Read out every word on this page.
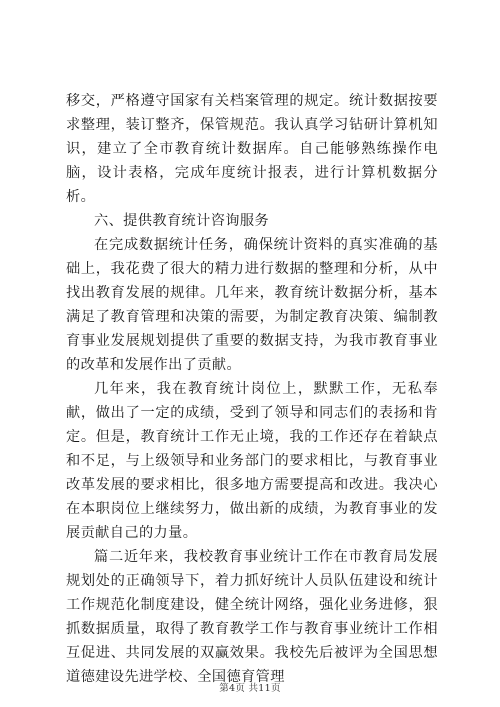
移交，严格遵守国家有关档案管理的规定。统计数据按要求整理，装订整齐，保管规范。我认真学习钻研计算机知识，建立了全市教育统计数据库。自己能够熟练操作电脑，设计表格，完成年度统计报表，进行计算机数据分析。

六、提供教育统计咨询服务

在完成数据统计任务，确保统计资料的真实准确的基础上，我花费了很大的精力进行数据的整理和分析，从中找出教育发展的规律。几年来，教育统计数据分析，基本满足了教育管理和决策的需要，为制定教育决策、编制教育事业发展规划提供了重要的数据支持，为我市教育事业的改革和发展作出了贡献。

几年来，我在教育统计岗位上，默默工作，无私奉献，做出了一定的成绩，受到了领导和同志们的表扬和肯定。但是，教育统计工作无止境，我的工作还存在着缺点和不足，与上级领导和业务部门的要求相比，与教育事业改革发展的要求相比，很多地方需要提高和改进。我决心在本职岗位上继续努力，做出新的成绩，为教育事业的发展贡献自己的力量。

篇二近年来，我校教育事业统计工作在市教育局发展规划处的正确领导下，着力抓好统计人员队伍建设和统计工作规范化制度建设，健全统计网络，强化业务进修，狠抓数据质量，取得了教育教学工作与教育事业统计工作相互促进、共同发展的双赢效果。我校先后被评为全国思想道德建设先进学校、全国德育管理

第4页 共11页
